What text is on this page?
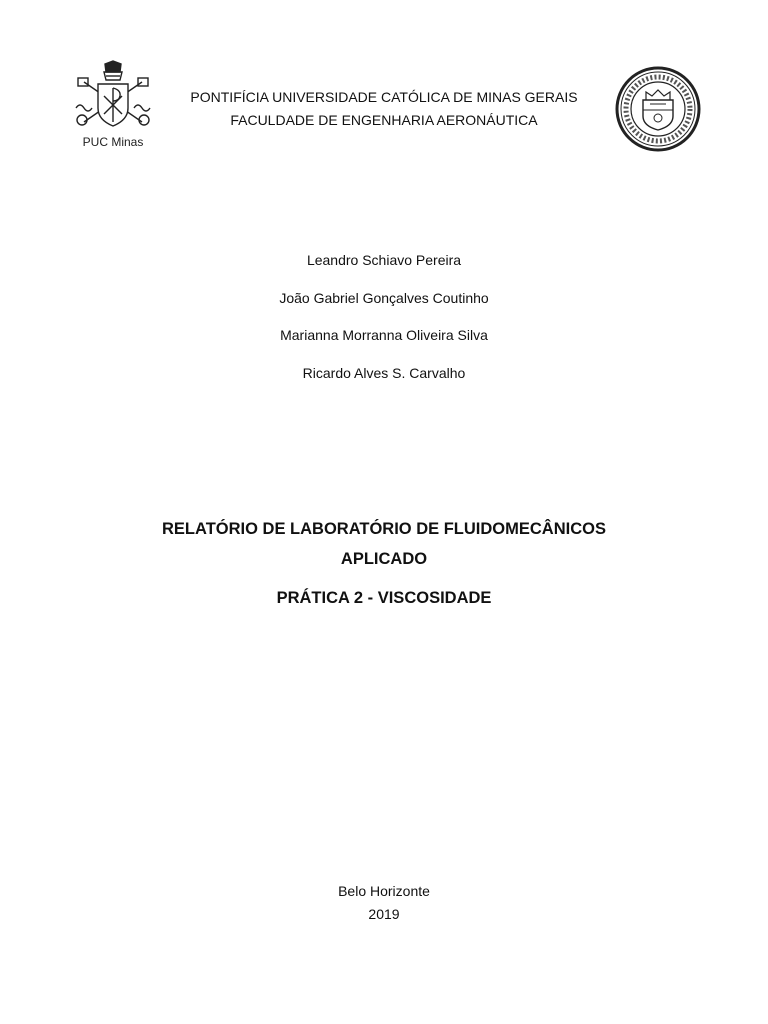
PUC Minas
PONTIFÍCIA UNIVERSIDADE CATÓLICA DE MINAS GERAIS
FACULDADE DE ENGENHARIA AERONÁUTICA
Leandro Schiavo Pereira
João Gabriel Gonçalves Coutinho
Marianna Morranna Oliveira Silva
Ricardo Alves S. Carvalho
RELATÓRIO DE LABORATÓRIO DE FLUIDOMECÂNICOS
APLICADO
PRÁTICA 2 - VISCOSIDADE
Belo Horizonte
2019
